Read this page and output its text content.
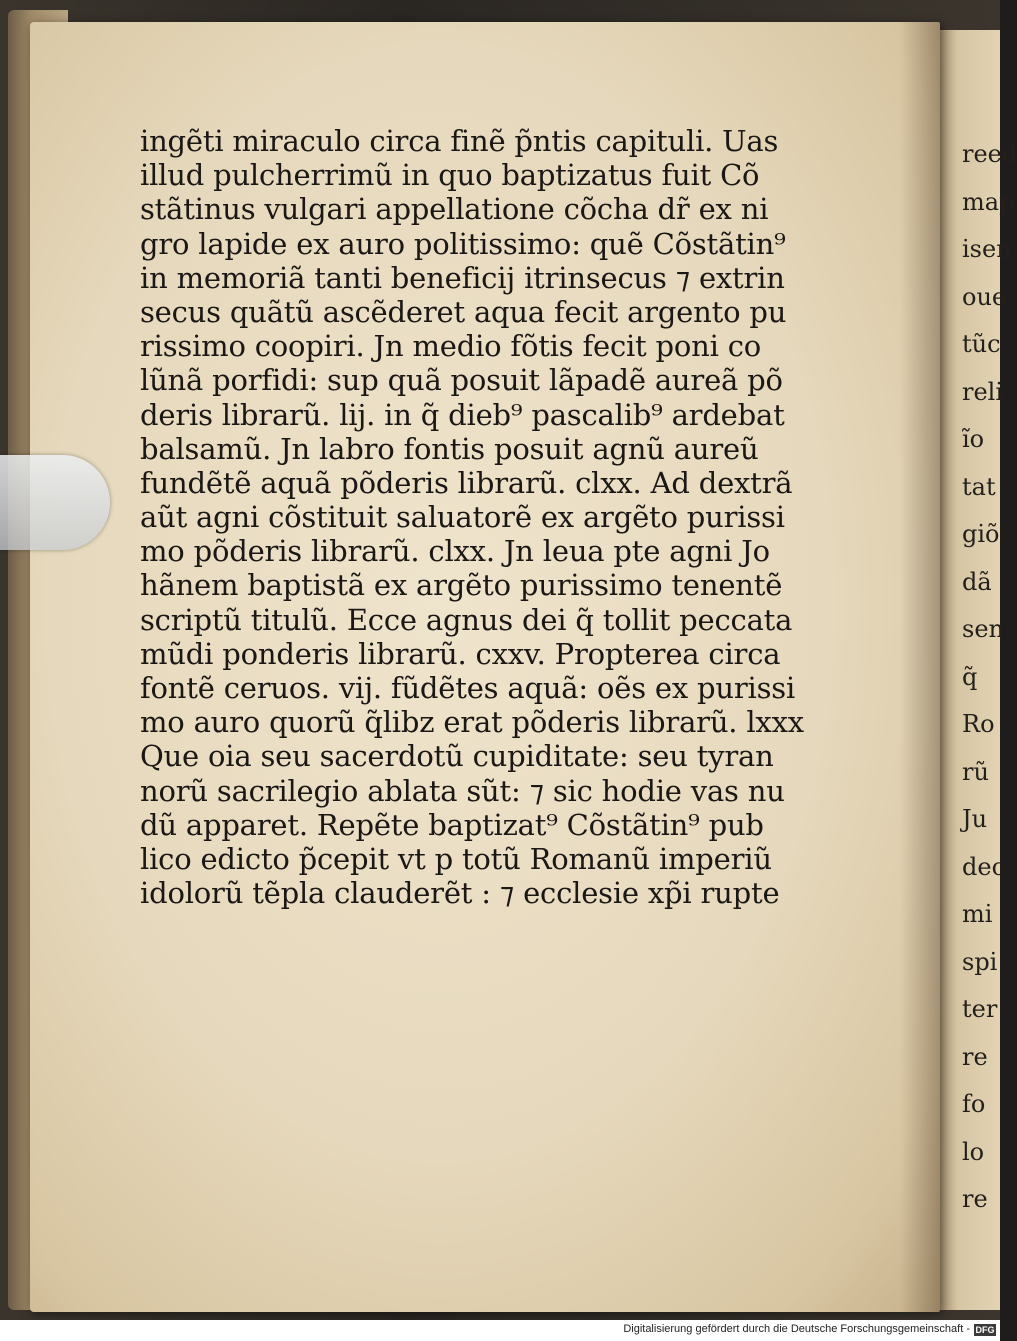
reed
map
isen
oue
tũc
reli
ĩo
tat
giõ
dã
sen
q̃
Ro
rũ
Ju
dec
mi
spi
ter
re
fo
lo
re
ingẽti miraculo circa finẽ p̃ntis capituli. Uas
illud pulcherrimũ in quo baptizatus fuit Cõ
stãtinus vulgari appellatione cõcha dr̃ ex ni
gro lapide ex auro politissimo: quẽ Cõstãtin⁹
in memoriã tanti beneficij itrinsecus ⁊ extrin
secus quãtũ ascẽderet aqua fecit argento pu
rissimo coopiri. Jn medio fõtis fecit poni co
lũnã porfidi: sup quã posuit lãpadẽ aureã põ
deris librarũ. lij. in q̃ dieb⁹ pascalib⁹ ardebat
balsamũ. Jn labro fontis posuit agnũ aureũ
fundẽtẽ aquã põderis librarũ. clxx. Ad dextrã
aũt agni cõstituit saluatorẽ ex argẽto purissi
mo põderis librarũ. clxx. Jn leua pte agni Jo
hãnem baptistã ex argẽto purissimo tenentẽ
scriptũ titulũ. Ecce agnus dei q̃ tollit peccata
mũdi ponderis librarũ. cxxv. Propterea circa
fontẽ ceruos. vij. fũdẽtes aquã: oẽs ex purissi
mo auro quorũ q̃libz erat põderis librarũ. lxxx
Que oia seu sacerdotũ cupiditate: seu tyran
norũ sacrilegio ablata sũt: ⁊ sic hodie vas nu
dũ apparet. Repẽte baptizat⁹ Cõstãtin⁹ pub
lico edicto p̃cepit vt p totũ Romanũ imperiũ
idolorũ tẽpla clauderẽt : ⁊ ecclesie xp̃i rupte
Digitalisierung gefördert durch die Deutsche Forschungsgemeinschaft - DFG
